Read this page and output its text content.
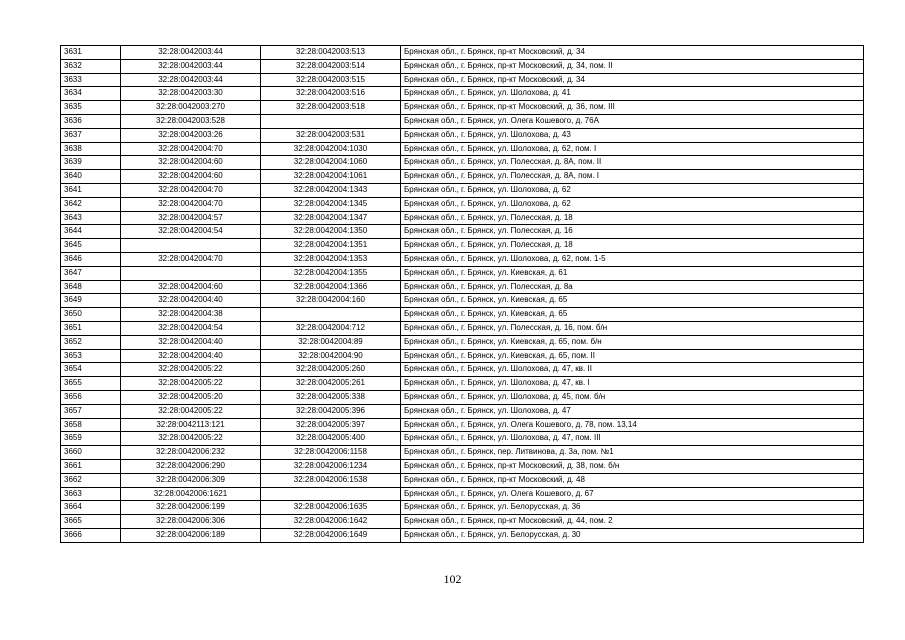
3631	32:28:0042003:44	32:28:0042003:513	Брянская обл., г. Брянск, пр-кт Московский, д. 34
3632	32:28:0042003:44	32:28:0042003:514	Брянская обл., г. Брянск, пр-кт Московский, д. 34, пом. II
3633	32:28:0042003:44	32:28:0042003:515	Брянская обл., г. Брянск, пр-кт Московский, д. 34
3634	32:28:0042003:30	32:28:0042003:516	Брянская обл., г. Брянск, ул. Шолохова, д. 41
3635	32:28:0042003:270	32:28:0042003:518	Брянская обл., г. Брянск, пр-кт Московский, д. 36, пом. III
3636	32:28:0042003:528		Брянская обл., г. Брянск, ул. Олега Кошевого, д. 76А
3637	32:28:0042003:26	32:28:0042003:531	Брянская обл., г. Брянск, ул. Шолохова, д. 43
3638	32:28:0042004:70	32:28:0042004:1030	Брянская обл., г. Брянск, ул. Шолохова, д. 62, пом. I
3639	32:28:0042004:60	32:28:0042004:1060	Брянская обл., г. Брянск, ул. Полесская, д. 8А, пом. II
3640	32:28:0042004:60	32:28:0042004:1061	Брянская обл., г. Брянск, ул. Полесская, д. 8А, пом. I
3641	32:28:0042004:70	32:28:0042004:1343	Брянская обл., г. Брянск, ул. Шолохова, д. 62
3642	32:28:0042004:70	32:28:0042004:1345	Брянская обл., г. Брянск, ул. Шолохова, д. 62
3643	32:28:0042004:57	32:28:0042004:1347	Брянская обл., г. Брянск, ул. Полесская, д. 18
3644	32:28:0042004:54	32:28:0042004:1350	Брянская обл., г. Брянск, ул. Полесская, д. 16
3645		32:28:0042004:1351	Брянская обл., г. Брянск, ул. Полесская, д. 18
3646	32:28:0042004:70	32:28:0042004:1353	Брянская обл., г. Брянск, ул. Шолохова, д. 62, пом. 1-5
3647		32:28:0042004:1355	Брянская обл., г. Брянск, ул. Киевская, д. 61
3648	32:28:0042004:60	32:28:0042004:1366	Брянская обл., г. Брянск, ул. Полесская, д. 8а
3649	32:28:0042004:40	32:28:0042004:160	Брянская обл., г. Брянск, ул. Киевская, д. 65
3650	32:28:0042004:38		Брянская обл., г. Брянск, ул. Киевская, д. 65
3651	32:28:0042004:54	32:28:0042004:712	Брянская обл., г. Брянск, ул. Полесская, д. 16, пом. б/н
3652	32:28:0042004:40	32:28:0042004:89	Брянская обл., г. Брянск, ул. Киевская, д. 65, пом. б/н
3653	32:28:0042004:40	32:28:0042004:90	Брянская обл., г. Брянск, ул. Киевская, д. 65, пом. II
3654	32:28:0042005:22	32:28:0042005:260	Брянская обл., г. Брянск, ул. Шолохова, д. 47, кв. II
3655	32:28:0042005:22	32:28:0042005:261	Брянская обл., г. Брянск, ул. Шолохова, д. 47, кв. I
3656	32:28:0042005:20	32:28:0042005:338	Брянская обл., г. Брянск, ул. Шолохова, д. 45, пом. б/н
3657	32:28:0042005:22	32:28:0042005:396	Брянская обл., г. Брянск, ул. Шолохова, д. 47
3658	32:28:0042113:121	32:28:0042005:397	Брянская обл., г. Брянск, ул. Олега Кошевого, д. 78, пом. 13,14
3659	32:28:0042005:22	32:28:0042005:400	Брянская обл., г. Брянск, ул. Шолохова, д. 47, пом. III
3660	32:28:0042006:232	32:28:0042006:1158	Брянская обл., г. Брянск, пер. Литвинова, д. 3а, пом. №1
3661	32:28:0042006:290	32:28:0042006:1234	Брянская обл., г. Брянск, пр-кт Московский, д. 38, пом. б/н
3662	32:28:0042006:309	32:28:0042006:1538	Брянская обл., г. Брянск, пр-кт Московский, д. 48
3663	32:28:0042006:1621		Брянская обл., г. Брянск, ул. Олега Кошевого, д. 67
3664	32:28:0042006:199	32:28:0042006:1635	Брянская обл., г. Брянск, ул. Белорусская, д. 36
3665	32:28:0042006:306	32:28:0042006:1642	Брянская обл., г. Брянск, пр-кт Московский, д. 44, пом. 2
3666	32:28:0042006:189	32:28:0042006:1649	Брянская обл., г. Брянск, ул. Белорусская, д. 30
102
